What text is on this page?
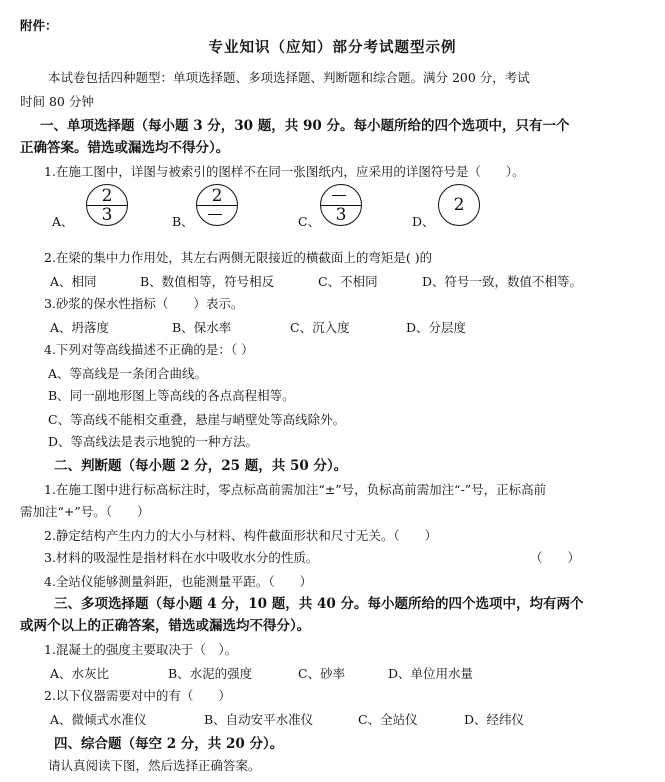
附件：
专业知识（应知）部分考试题型示例
本试卷包括四种题型：单项选择题、多项选择题、判断题和综合题。满分 200 分，考试
时间 80 分钟
一、单项选择题（每小题 3 分，30 题，共 90 分。每小题所给的四个选项中，只有一个
正确答案。错选或漏选均不得分）。
1.在施工图中，详图与被索引的图样不在同一张图纸内，应采用的详图符号是（　　）。
A、
2
3	B、
2
C、 3	D、
2
2.在梁的集中力作用处，其左右两侧无限接近的横截面上的弯矩是( )的
A、相同	B、数值相等，符号相反	C、不相同	D、符号一致，数值不相等。
3.砂浆的保水性指标（　　）表示。
A、坍落度	B、保水率	C、沉入度	D、分层度
4.下列对等高线描述不正确的是：（ ）
A、等高线是一条闭合曲线。
B、同一副地形图上等高线的各点高程相等。
C、等高线不能相交重叠，悬崖与峭壁处等高线除外。
D、等高线法是表示地貌的一种方法。
二、判断题（每小题 2 分，25 题，共 50 分）。
1.在施工图中进行标高标注时，零点标高前需加注“±”号，负标高前需加注“-”号，正标高前
需加注“+”号。（　　）
2.静定结构产生内力的大小与材料、构件截面形状和尺寸无关。（　　）
3.材料的吸湿性是指材料在水中吸收水分的性质。	（　　）
4.全站仪能够测量斜距，也能测量平距。（　　）
三、多项选择题（每小题 4 分，10 题，共 40 分。每小题所给的四个选项中，均有两个
或两个以上的正确答案，错选或漏选均不得分）。
1.混凝土的强度主要取决于（　）。
A、水灰比	B、水泥的强度	C、砂率	D、单位用水量
2.以下仪器需要对中的有（　　）
A、微倾式水准仪	B、自动安平水准仪	C、全站仪	D、经纬仪
四、综合题（每空 2 分，共 20 分）。
请认真阅读下图，然后选择正确答案。
